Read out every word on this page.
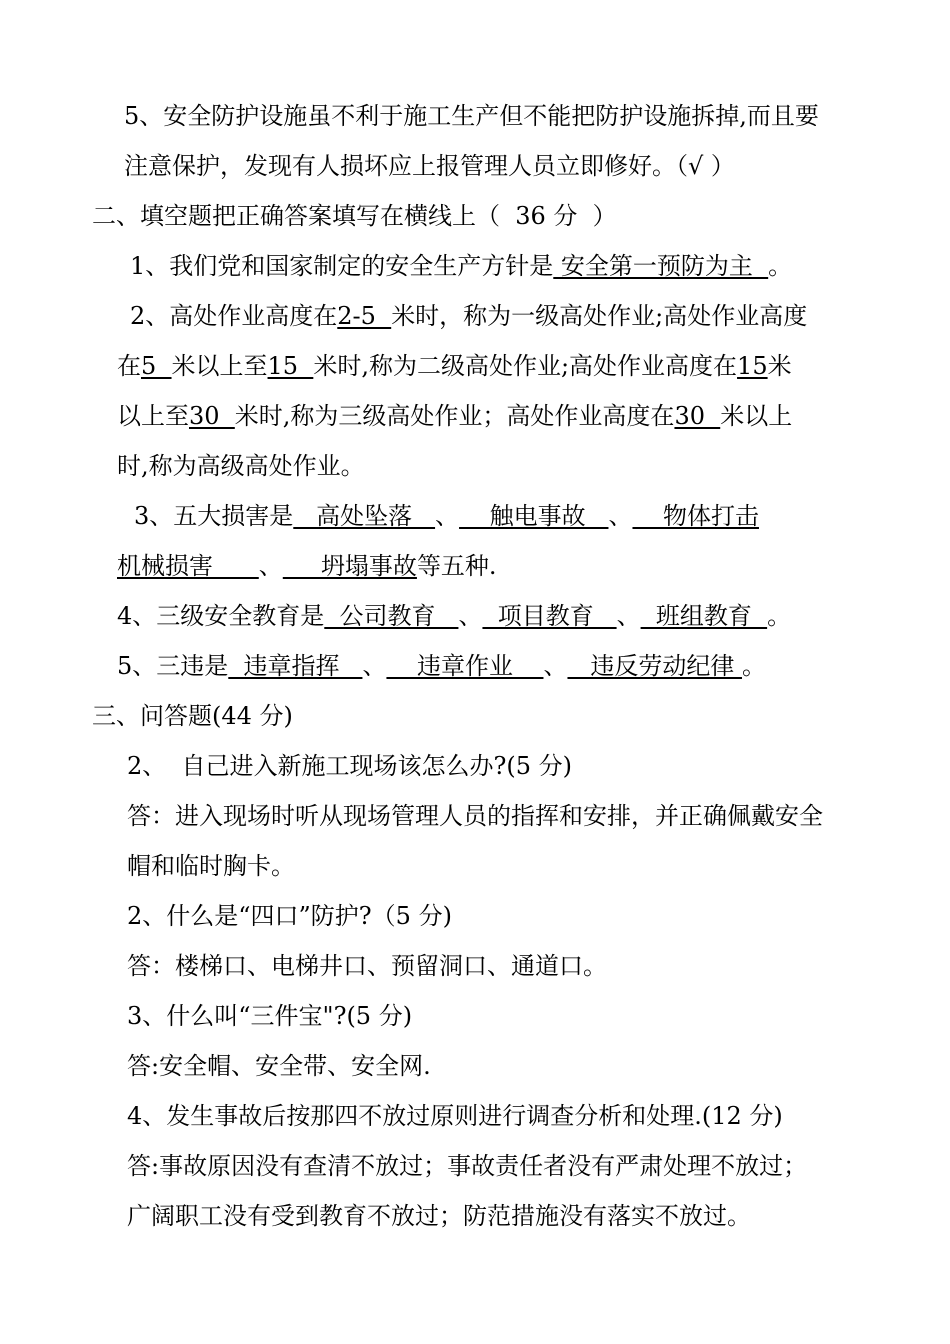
5、安全防护设施虽不利于施工生产但不能把防护设施拆掉,而且要
注意保护，发现有人损坏应上报管理人员立即修好。（√ ）
二、填空题把正确答案填写在横线上（  36 分  ）
1、我们党和国家制定的安全生产方针是 安全第一预防为主  。
2、高处作业高度在2-5  米时，称为一级高处作业;高处作业高度
在5  米以上至15  米时,称为二级高处作业;高处作业高度在15米
以上至30  米时,称为三级高处作业；高处作业高度在30  米以上
时,称为高级高处作业。
3、五大损害是   高处坠落   、    触电事故   、    物体打击
机械损害      、     坍塌事故等五种.
4、三级安全教育是  公司教育   、  项目教育   、  班组教育  。
5、三违是  违章指挥   、    违章作业    、   违反劳动纪律 。
三、问答题(44 分)
2、  自己进入新施工现场该怎么办?(5 分)
答：进入现场时听从现场管理人员的指挥和安排，并正确佩戴安全
帽和临时胸卡。
2、什么是“四口”防护?（5 分)
答：楼梯口、电梯井口、预留洞口、通道口。
3、什么叫“三件宝"?(5 分)
答:安全帽、安全带、安全网.
4、发生事故后按那四不放过原则进行调查分析和处理.(12 分)
答:事故原因没有查清不放过；事故责任者没有严肃处理不放过；
广阔职工没有受到教育不放过；防范措施没有落实不放过。
